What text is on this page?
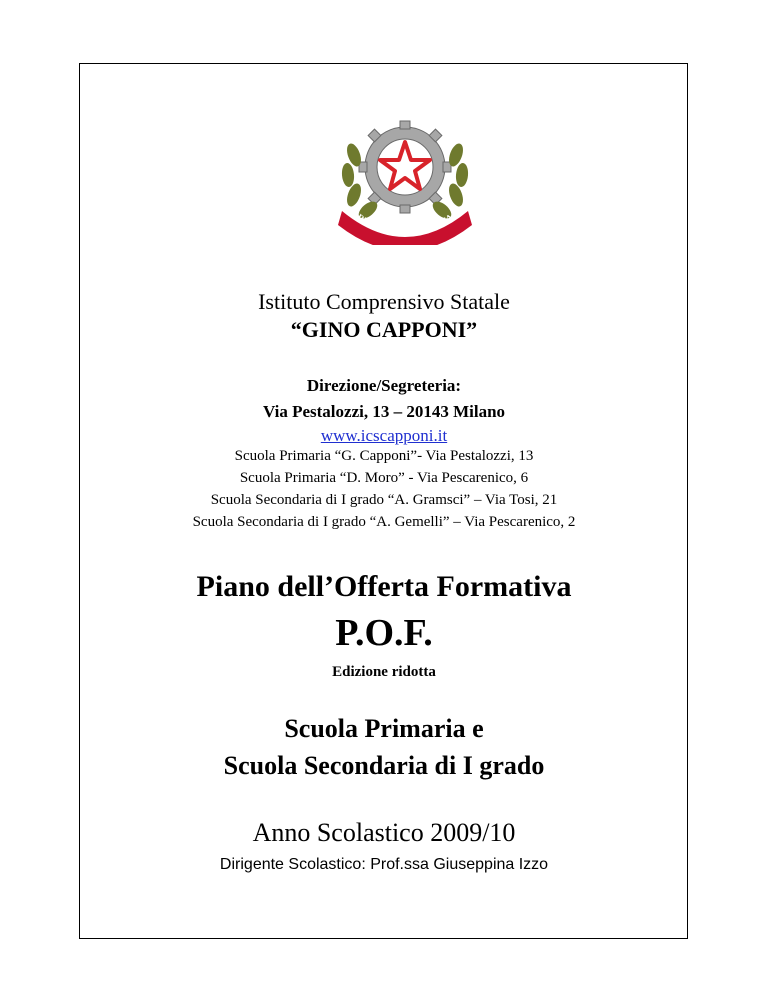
REPVBBLICA ITALIANA
Istituto Comprensivo Statale
“GINO CAPPONI”
Direzione/Segreteria:
Via Pestalozzi, 13 – 20143 Milano
www.icscapponi.it
Scuola Primaria “G. Capponi”- Via Pestalozzi, 13
Scuola Primaria “D. Moro” - Via Pescarenico, 6
Scuola Secondaria di I grado “A. Gramsci” – Via Tosi, 21
Scuola Secondaria di I grado “A. Gemelli” – Via Pescarenico, 2
Piano dell’Offerta Formativa
P.O.F.
Edizione ridotta
Scuola Primaria e
Scuola Secondaria di I grado
Anno Scolastico 2009/10
Dirigente Scolastico: Prof.ssa Giuseppina Izzo
